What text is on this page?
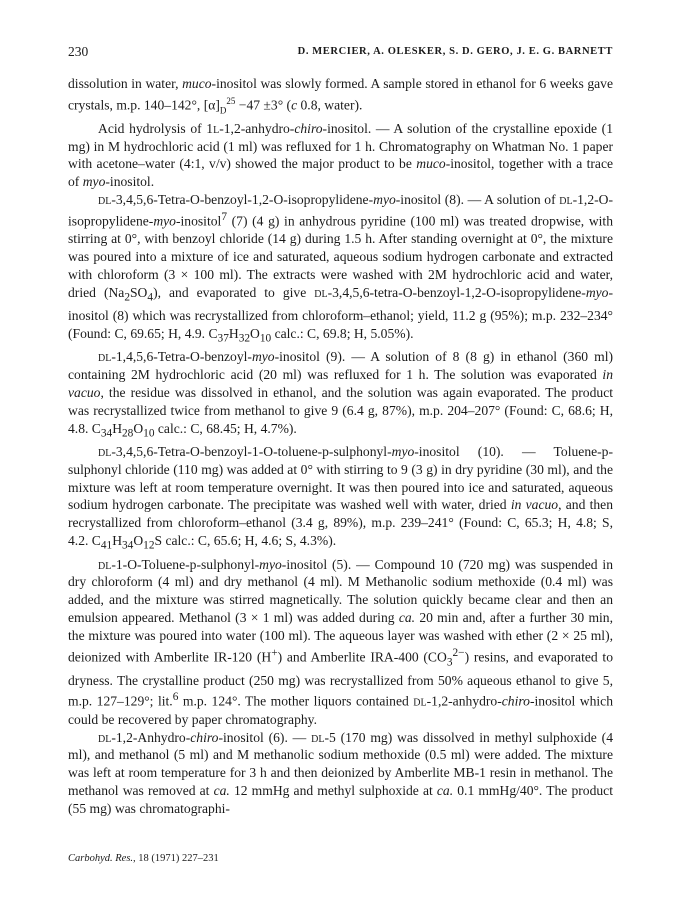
230	D. MERCIER, A. OLESKER, S. D. GERO, J. E. G. BARNETT

dissolution in water, muco-inositol was slowly formed. A sample stored in ethanol for 6 weeks gave crystals, m.p. 140–142°, $[\alpha]_D^{25} -47 \pm 3^\circ$ (c 0.8, water).

Acid hydrolysis of 1l-1,2-anhydro-chiro-inositol. — A solution of the crystalline epoxide (1 mg) in M hydrochloric acid (1 ml) was refluxed for 1 h. Chromatography on Whatman No. 1 paper with acetone–water (4:1, v/v) showed the major product to be muco-inositol, together with a trace of myo-inositol.

dl-3,4,5,6-Tetra-O-benzoyl-1,2-O-isopropylidene-myo-inositol (8). — A solution of dl-1,2-O-isopropylidene-myo-inositol$^7$ (7) (4 g) in anhydrous pyridine (100 ml) was treated dropwise, with stirring at 0°, with benzoyl chloride (14 g) during 1.5 h. After standing overnight at 0°, the mixture was poured into a mixture of ice and saturated, aqueous sodium hydrogen carbonate and extracted with chloroform (3 × 100 ml). The extracts were washed with 2M hydrochloric acid and water, dried $(Na_2SO_4)$, and evaporated to give dl-3,4,5,6-tetra-O-benzoyl-1,2-O-isopropylidene-myo-inositol (8) which was recrystallized from chloroform–ethanol; yield, 11.2 g (95%); m.p. 232–234° (Found: C, 69.65; H, 4.9. $C_{37}H_{32}O_{10}$ calc.: C, 69.8; H, 5.05%).

dl-1,4,5,6-Tetra-O-benzoyl-myo-inositol (9). — A solution of 8 (8 g) in ethanol (360 ml) containing 2M hydrochloric acid (20 ml) was refluxed for 1 h. The solution was evaporated in vacuo, the residue was dissolved in ethanol, and the solution was again evaporated. The product was recrystallized twice from methanol to give 9 (6.4 g, 87%), m.p. 204–207° (Found: C, 68.6; H, 4.8. $C_{34}H_{28}O_{10}$ calc.: C, 68.45; H, 4.7%).

dl-3,4,5,6-Tetra-O-benzoyl-1-O-toluene-p-sulphonyl-myo-inositol (10). — Toluene-p-sulphonyl chloride (110 mg) was added at 0° with stirring to 9 (3 g) in dry pyridine (30 ml), and the mixture was left at room temperature overnight. It was then poured into ice and saturated, aqueous sodium hydrogen carbonate. The precipitate was washed well with water, dried in vacuo, and then recrystallized from chloroform–ethanol (3.4 g, 89%), m.p. 239–241° (Found: C, 65.3; H, 4.8; S, 4.2. $C_{41}H_{34}O_{12}S$ calc.: C, 65.6; H, 4.6; S, 4.3%).

dl-1-O-Toluene-p-sulphonyl-myo-inositol (5). — Compound 10 (720 mg) was suspended in dry chloroform (4 ml) and dry methanol (4 ml). M Methanolic sodium methoxide (0.4 ml) was added, and the mixture was stirred magnetically. The solution quickly became clear and then an emulsion appeared. Methanol (3 × 1 ml) was added during ca. 20 min and, after a further 30 min, the mixture was poured into water (100 ml). The aqueous layer was washed with ether (2 × 25 ml), deionized with Amberlite IR-120 (H+) and Amberlite IRA-400 $(CO_3^{2-})$ resins, and evaporated to dryness. The crystalline product (250 mg) was recrystallized from 50% aqueous ethanol to give 5, m.p. 127–129°; lit.$^6$ m.p. 124°. The mother liquors contained dl-1,2-anhydro-chiro-inositol which could be recovered by paper chromatography.

dl-1,2-Anhydro-chiro-inositol (6). — dl-5 (170 mg) was dissolved in methyl sulphoxide (4 ml), and methanol (5 ml) and M methanolic sodium methoxide (0.5 ml) were added. The mixture was left at room temperature for 3 h and then deionized by Amberlite MB-1 resin in methanol. The methanol was removed at ca. 12 mmHg and methyl sulphoxide at ca. 0.1 mmHg/40°. The product (55 mg) was chromatographi-

Carbohyd. Res., 18 (1971) 227–231
